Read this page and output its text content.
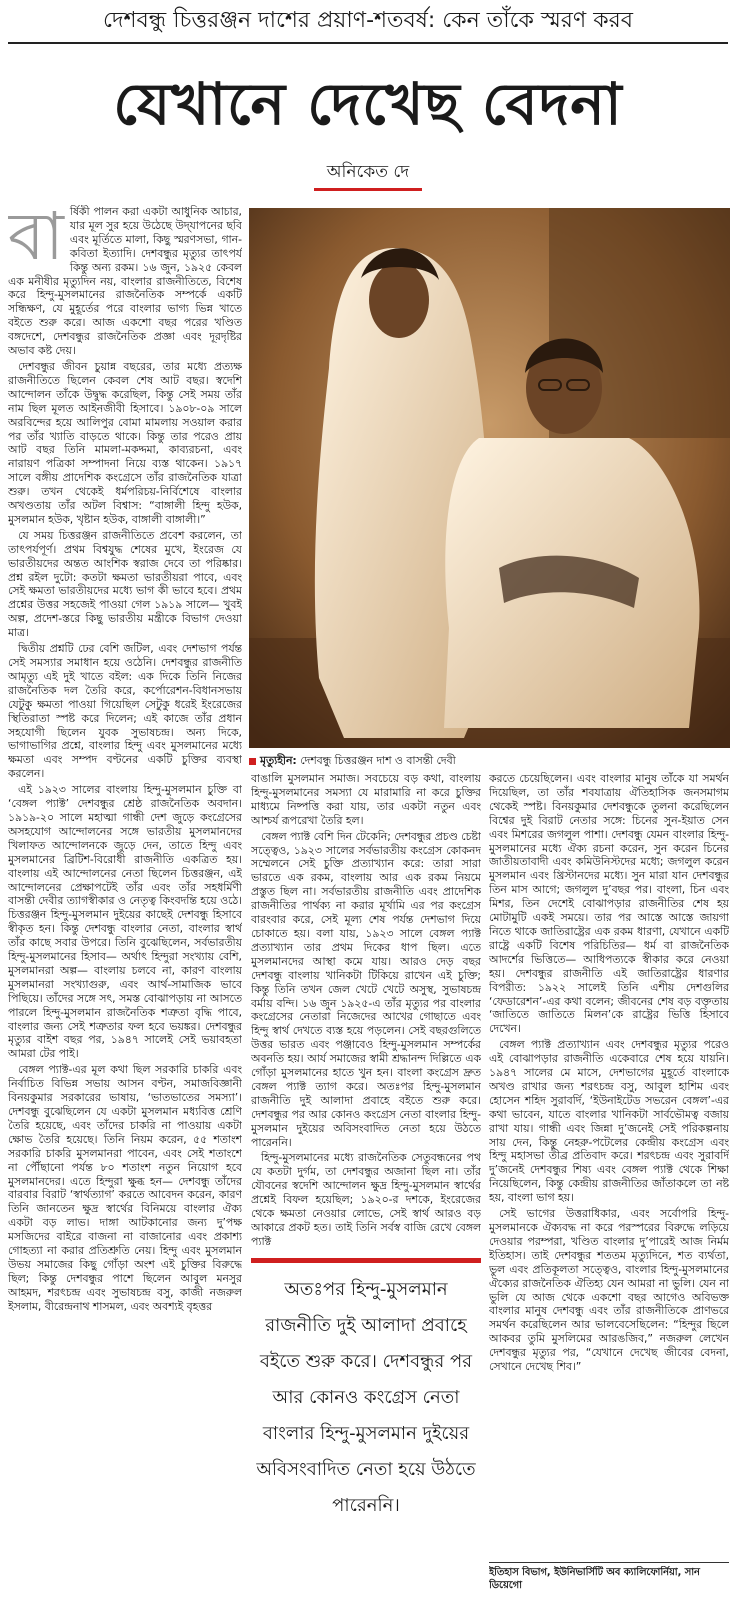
দেশবন্ধু চিত্তরঞ্জন দাশের প্রয়াণ-শতবর্ষ: কেন তাঁকে স্মরণ করব
যেখানে দেখেছ বেদনা
অনিকেত দে
বা র্ষিকী পালন করা একটা আধুনিক আচার, যার মূল সুর হয়ে উঠেছে উদ্‌যাপনের ছবি এবং মূর্তিতে মালা, কিছু স্মরণসভা, গান-কবিতা ইত্যাদি। দেশবন্ধুর মৃত্যুর তাৎপর্য কিন্তু অন্য রকম। ১৬ জুন, ১৯২৫ কেবল এক মনীষীর মৃত্যুদিন নয়, বাংলার রাজনীতিতে, বিশেষ করে হিন্দু-মুসলমানের রাজনৈতিক সম্পর্কে একটি সন্ধিক্ষণ, যে মুহূর্তের পরে বাংলার ভাগ্য ভিন্ন খাতে বইতে শুরু করে। আজ একশো বছর পরের খণ্ডিত বঙ্গদেশে, দেশবন্ধুর রাজনৈতিক প্রজ্ঞা এবং দূরদৃষ্টির অভাব কষ্ট দেয়।

দেশবন্ধুর জীবন চুয়ান্ন বছরের, তার মধ্যে প্রত্যক্ষ রাজনীতিতে ছিলেন কেবল শেষ আট বছর। স্বদেশি আন্দোলন তাঁকে উদ্বুদ্ধ করেছিল, কিন্তু সেই সময় তাঁর নাম ছিল মূলত আইনজীবী হিসাবে। ১৯০৮-০৯ সালে অরবিন্দের হয়ে আলিপুর বোমা মামলায় সওয়াল করার পর তাঁর খ্যাতি বাড়তে থাকে। কিন্তু তার পরেও প্রায় আট বছর তিনি মামলা-মকদ্দমা, কাব্যরচনা, এবং নারায়ণ পত্রিকা সম্পাদনা নিয়ে ব্যস্ত থাকেন। ১৯১৭ সালে বঙ্গীয় প্রাদেশিক কংগ্রেসে তাঁর রাজনৈতিক যাত্রা শুরু। তখন থেকেই ধর্মপরিচয়-নির্বিশেষে বাংলার অখণ্ডতায় তাঁর অটল বিশ্বাস: “বাঙ্গালী হিন্দু হউক, মুসলমান হউক, খৃষ্টান হউক, বাঙ্গালী বাঙ্গালী।”

যে সময় চিত্তরঞ্জন রাজনীতিতে প্রবেশ করলেন, তা তাৎপর্যপূর্ণ। প্রথম বিশ্বযুদ্ধ শেষের মুখে, ইংরেজ যে ভারতীয়দের অন্তত আংশিক স্বরাজ দেবে তা পরিষ্কার। প্রশ্ন রইল দুটো: কতটা ক্ষমতা ভারতীয়রা পাবে, এবং সেই ক্ষমতা ভারতীয়দের মধ্যে ভাগ কী ভাবে হবে। প্রথম প্রশ্নের উত্তর সহজেই পাওয়া গেল ১৯১৯ সালে— খুবই অল্প, প্রদেশ-স্তরে কিছু ভারতীয় মন্ত্রীকে বিভাগ দেওয়া মাত্র।

দ্বিতীয় প্রশ্নটি ঢের বেশি জটিল, এবং দেশভাগ পর্যন্ত সেই সমস্যার সমাধান হয়ে ওঠেনি। দেশবন্ধুর রাজনীতি আমৃত্যু এই দুই খাতে বইল: এক দিকে তিনি নিজের রাজনৈতিক দল তৈরি করে, কর্পোরেশন-বিধানসভায় যেটুকু ক্ষমতা পাওয়া গিয়েছিল সেটুকু ধরেই ইংরেজের স্থিতিরাতা স্পষ্ট করে দিলেন; এই কাজে তাঁর প্রধান সহযোগী ছিলেন যুবক সুভাষচন্দ্র। অন্য দিকে, ভাগাভাগির প্রশ্নে, বাংলার হিন্দু এবং মুসলমানের মধ্যে ক্ষমতা এবং সম্পদ বণ্টনের একটি চুক্তির ব্যবস্থা করলেন।

এই ১৯২৩ সালের বাংলায় হিন্দু-মুসলমান চুক্তি বা ‘বেঙ্গল প্যাক্ট’ দেশবন্ধুর শ্রেষ্ঠ রাজনৈতিক অবদান। ১৯১৯-২০ সালে মহাত্মা গান্ধী দেশ জুড়ে কংগ্রেসের অসহযোগ আন্দোলনের সঙ্গে ভারতীয় মুসলমানদের খিলাফত আন্দোলনকে জুড়ে দেন, তাতে হিন্দু এবং মুসলমানের ব্রিটিশ-বিরোধী রাজনীতি একত্রিত হয়। বাংলায় এই আন্দোলনের নেতা ছিলেন চিত্তরঞ্জন, এই আন্দোলনের প্রেক্ষাপটেই তাঁর এবং তাঁর সহধর্মিণী বাসন্তী দেবীর ত্যাগস্বীকার ও নেতৃত্ব কিংবদন্তি হয়ে ওঠে। চিত্তরঞ্জন হিন্দু-মুসলমান দুইয়ের কাছেই দেশবন্ধু হিসাবে স্বীকৃত হন। কিন্তু দেশবন্ধু বাংলার নেতা, বাংলার স্বার্থ তাঁর কাছে সবার উপরে। তিনি বুঝেছিলেন, সর্বভারতীয় হিন্দু-মুসলমানের হিসাব— অর্থাৎ হিন্দুরা সংখ্যায় বেশি, মুসলমানরা অল্প— বাংলায় চলবে না, কারণ বাংলায় মুসলমানরা সংখ্যাগুরু, এবং আর্থ-সামাজিক ভাবে পিছিয়ে। তাঁদের সঙ্গে সৎ, সমস্ত বোঝাপড়ায় না আসতে পারলে হিন্দু-মুসলমান রাজনৈতিক শত্রুতা বৃদ্ধি পাবে, বাংলার জন্য সেই শত্রুতার ফল হবে ভয়ঙ্কর। দেশবন্ধুর মৃত্যুর বাইশ বছর পর, ১৯৪৭ সালেই সেই ভয়াবহতা আমরা টের পাই।

বেঙ্গল প্যাক্ট-এর মূল কথা ছিল সরকারি চাকরি এবং নির্বাচিত বিভিন্ন সভায় আসন বণ্টন, সমাজবিজ্ঞানী বিনয়কুমার সরকারের ভাষায়, ‘ভাতভাতের সমস্যা’। দেশবন্ধু বুঝেছিলেন যে একটা মুসলমান মধ্যবিত্ত শ্রেণি তৈরি হয়েছে, এবং তাঁদের চাকরি না পাওয়ায় একটা ক্ষোভ তৈরি হয়েছে। তিনি নিয়ম করেন, ৫৫ শতাংশ সরকারি চাকরি মুসলমানরা পাবেন, এবং সেই শতাংশে না পৌঁছানো পর্যন্ত ৮০ শতাংশ নতুন নিয়োগ হবে মুসলমানদের। এতে হিন্দুরা ক্ষুব্ধ হন— দেশবন্ধু তাঁদের বারবার বিরাট ‘স্বার্থত্যাগ’ করতে আবেদন করেন, কারণ তিনি জানতেন ক্ষুদ্র স্বার্থের বিনিময়ে বাংলার ঐক্য একটা বড় লাভ। দাঙ্গা আটকানোর জন্য দু’পক্ষ মসজিদের বাইরে বাজনা না বাজানোর এবং প্রকাশ্য গোহত্যা না করার প্রতিশ্রুতি নেয়। হিন্দু এবং মুসলমান উভয় সমাজের কিছু গোঁড়া অংশ এই চুক্তির বিরুদ্ধে ছিল; কিন্তু দেশবন্ধুর পাশে ছিলেন আবুল মনসুর আহমদ, শরৎচন্দ্র এবং সুভাষচন্দ্র বসু, কাজী নজরুল ইসলাম, বীরেন্দ্রনাথ শাসমল, এবং অবশ্যই বৃহত্তর

মৃত্যুহীন: দেশবন্ধু চিত্তরঞ্জন দাশ ও বাসন্তী দেবী

বাঙালি মুসলমান সমাজ। সবচেয়ে বড় কথা, বাংলায় হিন্দু-মুসলমানের সমস্যা যে মারামারি না করে চুক্তির মাধ্যমে নিষ্পত্তি করা যায়, তার একটা নতুন এবং আশ্চর্য রূপরেখা তৈরি হল।

বেঙ্গল প্যাক্ট বেশি দিন টেকেনি; দেশবন্ধুর প্রচণ্ড চেষ্টা সত্ত্বেও, ১৯২৩ সালের সর্বভারতীয় কংগ্রেস কোকনদ সম্মেলনে সেই চুক্তি প্রত্যাখ্যান করে: তারা সারা ভারতে এক রকম, বাংলায় আর এক রকম নিয়মে প্রস্তুত ছিল না। সর্বভারতীয় রাজনীতি এবং প্রাদেশিক রাজনীতির পার্থক্য না করার মূর্খামি এর পর কংগ্রেস বারংবার করে, সেই মূল্য শেষ পর্যন্ত দেশভাগ দিয়ে চোকাতে হয়। বলা যায়, ১৯২৩ সালে বেঙ্গল প্যাক্ট প্রত্যাখ্যান তার প্রথম দিকের ধাপ ছিল। এতে মুসলমানদের আস্থা কমে যায়। আরও দেড় বছর দেশবন্ধু বাংলায় খানিকটা টিকিয়ে রাখেন এই চুক্তি; কিন্তু তিনি তখন জেল খেটে খেটে অসুস্থ, সুভাষচন্দ্র বর্মায় বন্দি। ১৬ জুন ১৯২৫-এ তাঁর মৃত্যুর পর বাংলার কংগ্রেসের নেতারা নিজেদের আখের গোছাতে এবং হিন্দু স্বার্থ দেখতে ব্যস্ত হয়ে পড়লেন। সেই বছরগুলিতে উত্তর ভারত এবং পঞ্জাবেও হিন্দু-মুসলমান সম্পর্কের অবনতি হয়। আর্য সমাজের স্বামী শ্রদ্ধানন্দ দিল্লিতে এক গোঁড়া মুসলমানের হাতে খুন হন। বাংলা কংগ্রেস দ্রুত বেঙ্গল প্যাক্ট ত্যাগ করে। অতঃপর হিন্দু-মুসলমান রাজনীতি দুই আলাদা প্রবাহে বইতে শুরু করে। দেশবন্ধুর পর আর কোনও কংগ্রেস নেতা বাংলার হিন্দু-মুসলমান দুইয়ের অবিসংবাদিত নেতা হয়ে উঠতে পারেননি।

হিন্দু-মুসলমানের মধ্যে রাজনৈতিক সেতুবন্ধনের পথ যে কতটা দুর্গম, তা দেশবন্ধুর অজানা ছিল না। তাঁর যৌবনের স্বদেশি আন্দোলন ক্ষুদ্র হিন্দু-মুসলমান স্বার্থের প্রশ্নেই বিফল হয়েছিল; ১৯২০-র দশকে, ইংরেজের থেকে ক্ষমতা নেওয়ার লোভে, সেই স্বার্থ আরও বড় আকারে প্রকট হত। তাই তিনি সর্বস্ব বাজি রেখে বেঙ্গল প্যাক্ট

অতঃপর হিন্দু-মুসলমান রাজনীতি দুই আলাদা প্রবাহে বইতে শুরু করে। দেশবন্ধুর পর আর কোনও কংগ্রেস নেতা বাংলার হিন্দু-মুসলমান দুইয়ের অবিসংবাদিত নেতা হয়ে উঠতে পারেননি।

করতে চেয়েছিলেন। এবং বাংলার মানুষ তাঁকে যা সমর্থন দিয়েছিল, তা তাঁর শবযাত্রায় ঐতিহাসিক জনসমাগম থেকেই স্পষ্ট। বিনয়কুমার দেশবন্ধুকে তুলনা করেছিলেন বিশ্বের দুই বিরাট নেতার সঙ্গে: চিনের সুন-ইয়াত সেন এবং মিশরের জগলুল পাশা। দেশবন্ধু যেমন বাংলার হিন্দু-মুসলমানের মধ্যে ঐক্য রচনা করেন, সুন করেন চিনের জাতীয়তাবাদী এবং কমিউনিস্টদের মধ্যে; জগলুল করেন মুসলমান এবং খ্রিস্টানদের মধ্যে। সুন মারা যান দেশবন্ধুর তিন মাস আগে; জগলুল দু’বছর পর। বাংলা, চিন এবং মিশর, তিন দেশেই বোঝাপড়ার রাজনীতির শেষ হয় মোটামুটি একই সময়ে। তার পর আস্তে আস্তে জায়গা নিতে থাকে জাতিরাষ্ট্রের এক রকম ধারণা, যেখানে একটি রাষ্ট্রে একটি বিশেষ পরিচিতির— ধর্ম বা রাজনৈতিক আদর্শের ভিত্তিতে— আধিপত্যকে স্বীকার করে নেওয়া হয়। দেশবন্ধুর রাজনীতি এই জাতিরাষ্ট্রের ধারণার বিপরীত: ১৯২২ সালেই তিনি এশীয় দেশগুলির ‘ফেডারেশন’-এর কথা বলেন; জীবনের শেষ বড় বক্তৃতায় ‘জাতিতে জাতিতে মিলন’কে রাষ্ট্রের ভিত্তি হিসাবে দেখেন।

বেঙ্গল প্যাক্ট প্রত্যাখ্যান এবং দেশবন্ধুর মৃত্যুর পরেও এই বোঝাপড়ার রাজনীতি একেবারে শেষ হয়ে যায়নি। ১৯৪৭ সালের মে মাসে, দেশভাগের মুহূর্তে বাংলাকে অখণ্ড রাখার জন্য শরৎচন্দ্র বসু, আবুল হাশিম এবং হোসেন শহিদ সুরাবর্দি, ‘ইউনাইটেড সভরেন বেঙ্গল’-এর কথা ভাবেন, যাতে বাংলার খানিকটা সার্বভৌমত্ব বজায় রাখা যায়। গান্ধী এবং জিন্না দু’জনেই সেই পরিকল্পনায় সায় দেন, কিন্তু নেহরু-পটেলের কেন্দ্রীয় কংগ্রেস এবং হিন্দু মহাসভা তীব্র প্রতিবাদ করে। শরৎচন্দ্র এবং সুরাবর্দি দু’জনেই দেশবন্ধুর শিষ্য এবং বেঙ্গল প্যাক্ট থেকে শিক্ষা নিয়েছিলেন, কিন্তু কেন্দ্রীয় রাজনীতির জাঁতাকলে তা নষ্ট হয়, বাংলা ভাগ হয়।

সেই ভাগের উত্তরাধিকার, এবং সর্বোপরি হিন্দু-মুসলমানকে ঐক্যবদ্ধ না করে পরস্পরের বিরুদ্ধে লড়িয়ে দেওয়ার পরম্পরা, খণ্ডিত বাংলার দু’পারেই আজ নির্মম ইতিহাস। তাই দেশবন্ধুর শততম মৃত্যুদিনে, শত ব্যর্থতা, ভুল এবং প্রতিকূলতা সত্ত্বেও, বাংলার হিন্দু-মুসলমানের ঐক্যের রাজনৈতিক ঐতিহ্য যেন আমরা না ভুলি। যেন না ভুলি যে আজ থেকে একশো বছর আগেও অবিভক্ত বাংলার মানুষ দেশবন্ধু এবং তাঁর রাজনীতিকে প্রাণভরে সমর্থন করেছিলেন আর ভালবেসেছিলেন: “হিন্দুর ছিলে আকবর তুমি মুসলিমের আরঙজিব,” নজরুল লেখেন দেশবন্ধুর মৃত্যুর পর, “যেখানে দেখেছ জীবের বেদনা, সেখানে দেখেছ শিব।”

ইতিহাস বিভাগ, ইউনিভার্সিটি অব ক্যালিফোর্নিয়া, সান ডিয়েগো
